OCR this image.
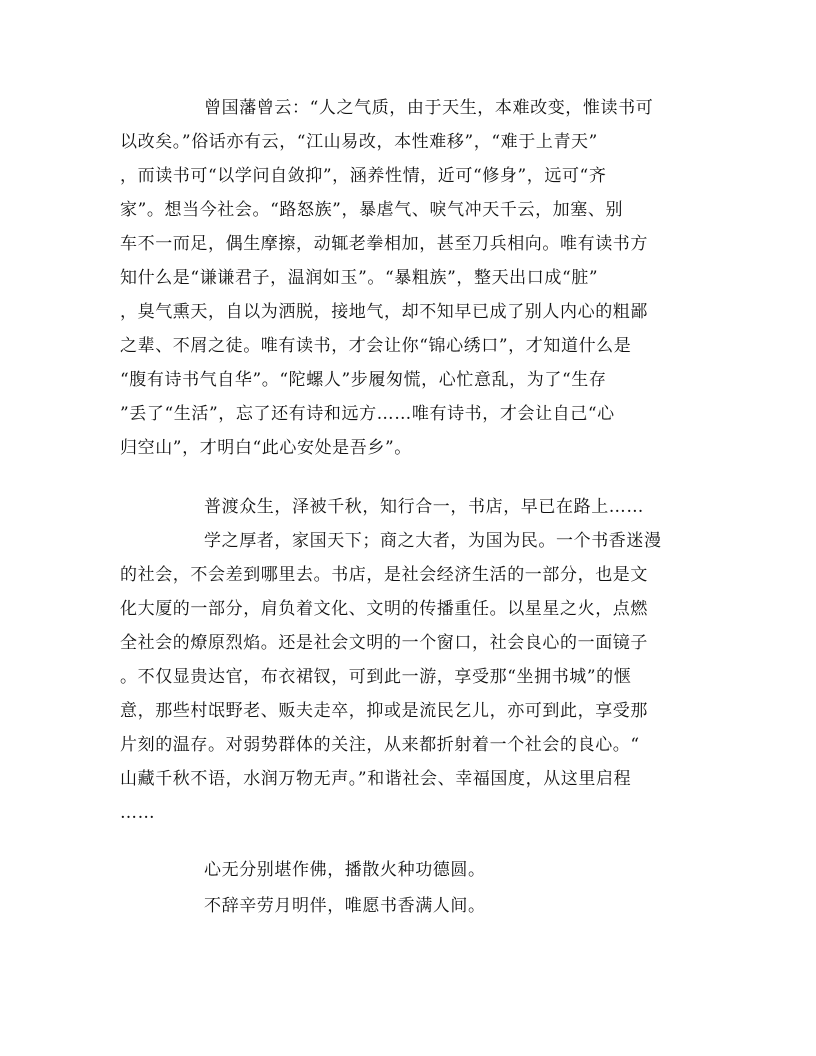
曾国藩曾云：“人之气质，由于天生，本难改变，惟读书可
以改矣。”俗话亦有云，“江山易改，本性难移”，“难于上青天”
，而读书可“以学问自敛抑”，涵养性情，近可“修身”，远可“齐
家”。想当今社会。“路怒族”，暴虐气、唳气冲天千云，加塞、别
车不一而足，偶生摩擦，动辄老拳相加，甚至刀兵相向。唯有读书方
知什么是“谦谦君子，温润如玉”。“暴粗族”，整天出口成“脏”
，臭气熏天，自以为洒脱，接地气，却不知早已成了别人内心的粗鄙
之辈、不屑之徒。唯有读书，才会让你“锦心绣口”，才知道什么是
“腹有诗书气自华”。“陀螺人”步履匆慌，心忙意乱，为了“生存
”丢了“生活”，忘了还有诗和远方……唯有诗书，才会让自己“心
归空山”，才明白“此心安处是吾乡”。
普渡众生，泽被千秋，知行合一，书店，早已在路上……
学之厚者，家国天下；商之大者，为国为民。一个书香迷漫
的社会，不会差到哪里去。书店，是社会经济生活的一部分，也是文
化大厦的一部分，肩负着文化、文明的传播重任。以星星之火，点燃
全社会的燎原烈焰。还是社会文明的一个窗口，社会良心的一面镜子
。不仅显贵达官，布衣裙钗，可到此一游，享受那“坐拥书城”的惬
意，那些村氓野老、贩夫走卒，抑或是流民乞儿，亦可到此，享受那
片刻的温存。对弱势群体的关注，从来都折射着一个社会的良心。“
山藏千秋不语，水润万物无声。”和谐社会、幸福国度，从这里启程
……
心无分别堪作佛，播散火种功德圆。
不辞辛劳月明伴，唯愿书香满人间。
